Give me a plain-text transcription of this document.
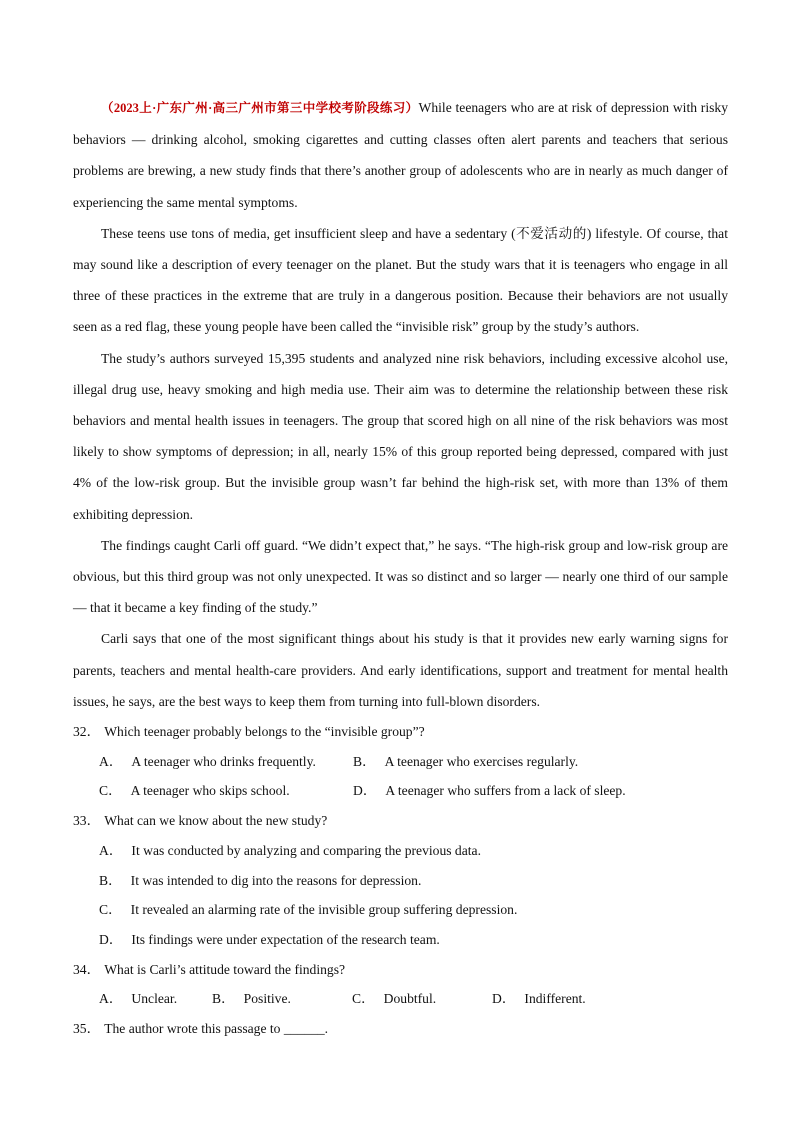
（2023上·广东广州·高三广州市第三中学校考阶段练习）While teenagers who are at risk of depression with risky behaviors — drinking alcohol, smoking cigarettes and cutting classes often alert parents and teachers that serious problems are brewing, a new study finds that there’s another group of adolescents who are in nearly as much danger of experiencing the same mental symptoms.

These teens use tons of media, get insufficient sleep and have a sedentary (不爱活动的) lifestyle. Of course, that may sound like a description of every teenager on the planet. But the study wars that it is teenagers who engage in all three of these practices in the extreme that are truly in a dangerous position. Because their behaviors are not usually seen as a red flag, these young people have been called the “invisible risk” group by the study’s authors.

The study’s authors surveyed 15,395 students and analyzed nine risk behaviors, including excessive alcohol use, illegal drug use, heavy smoking and high media use. Their aim was to determine the relationship between these risk behaviors and mental health issues in teenagers. The group that scored high on all nine of the risk behaviors was most likely to show symptoms of depression; in all, nearly 15% of this group reported being depressed, compared with just 4% of the low-risk group. But the invisible group wasn’t far behind the high-risk set, with more than 13% of them exhibiting depression.

The findings caught Carli off guard. “We didn’t expect that,” he says. “The high-risk group and low-risk group are obvious, but this third group was not only unexpected. It was so distinct and so larger — nearly one third of our sample — that it became a key finding of the study.”

Carli says that one of the most significant things about his study is that it provides new early warning signs for parents, teachers and mental health-care providers. And early identifications, support and treatment for mental health issues, he says, are the best ways to keep them from turning into full-blown disorders.

32． Which teenager probably belongs to the “invisible group”?

A． A teenager who drinks frequently.	B． A teenager who exercises regularly.
C． A teenager who skips school.	D． A teenager who suffers from a lack of sleep.

33． What can we know about the new study?

A． It was conducted by analyzing and comparing the previous data.

B． It was intended to dig into the reasons for depression.

C． It revealed an alarming rate of the invisible group suffering depression.

D． Its findings were under expectation of the research team.

34． What is Carli’s attitude toward the findings?

A． Unclear.	B． Positive.	C． Doubtful.	D． Indifferent.

35． The author wrote this passage to ______.
